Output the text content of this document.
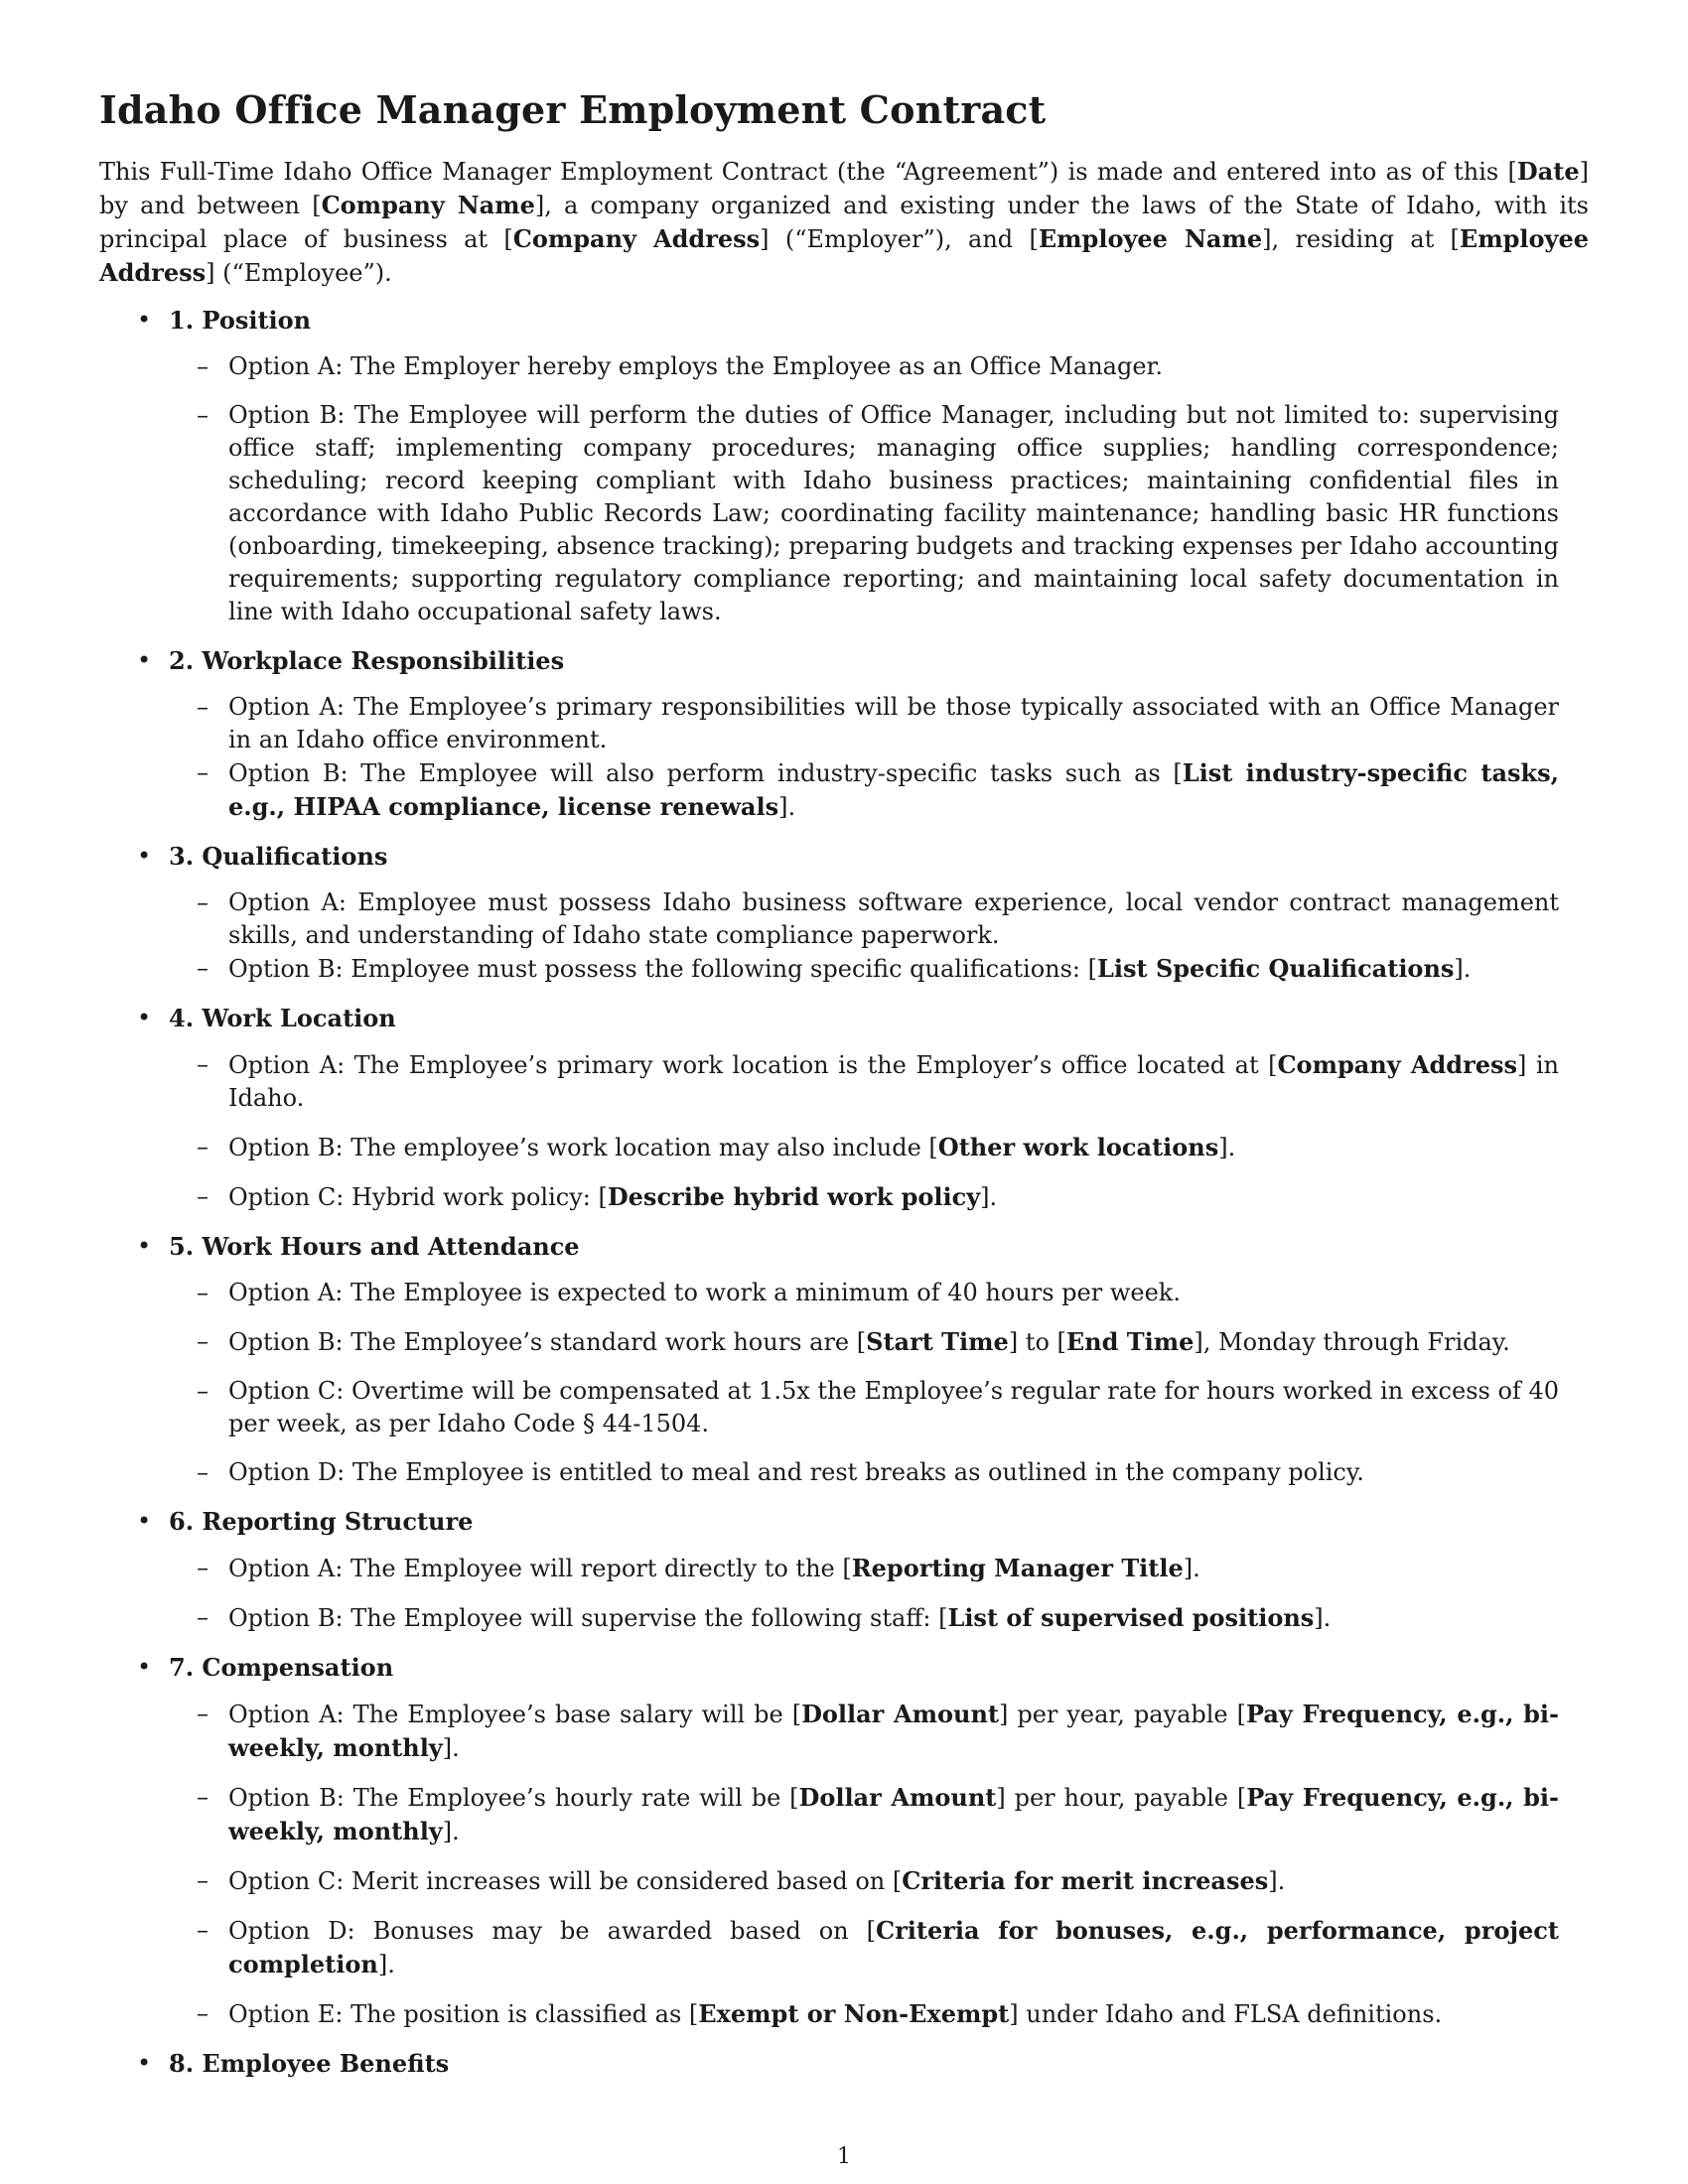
Idaho Office Manager Employment Contract

This Full-Time Idaho Office Manager Employment Contract (the “Agreement”) is made and entered into as of this [Date] by and between [Company Name], a company organized and existing under the laws of the State of Idaho, with its principal place of business at [Company Address] (“Employer”), and [Employee Name], residing at [Employee Address] (“Employee”).

• 1. Position
– Option A: The Employer hereby employs the Employee as an Office Manager.
– Option B: The Employee will perform the duties of Office Manager, including but not limited to: supervising office staff; implementing company procedures; managing office supplies; handling correspondence; scheduling; record keeping compliant with Idaho business practices; maintaining confidential files in accordance with Idaho Public Records Law; coordinating facility maintenance; handling basic HR functions (onboarding, timekeeping, absence tracking); preparing budgets and tracking expenses per Idaho accounting requirements; supporting regulatory compliance reporting; and maintaining local safety documentation in line with Idaho occupational safety laws.
• 2. Workplace Responsibilities
– Option A: The Employee’s primary responsibilities will be those typically associated with an Office Manager in an Idaho office environment.
– Option B: The Employee will also perform industry-specific tasks such as [List industry-specific tasks, e.g., HIPAA compliance, license renewals].
• 3. Qualifications
– Option A: Employee must possess Idaho business software experience, local vendor contract management skills, and understanding of Idaho state compliance paperwork.
– Option B: Employee must possess the following specific qualifications: [List Specific Qualifications].
• 4. Work Location
– Option A: The Employee’s primary work location is the Employer’s office located at [Company Address] in Idaho.
– Option B: The employee’s work location may also include [Other work locations].
– Option C: Hybrid work policy: [Describe hybrid work policy].
• 5. Work Hours and Attendance
– Option A: The Employee is expected to work a minimum of 40 hours per week.
– Option B: The Employee’s standard work hours are [Start Time] to [End Time], Monday through Friday.
– Option C: Overtime will be compensated at 1.5x the Employee’s regular rate for hours worked in excess of 40 per week, as per Idaho Code § 44-1504.
– Option D: The Employee is entitled to meal and rest breaks as outlined in the company policy.
• 6. Reporting Structure
– Option A: The Employee will report directly to the [Reporting Manager Title].
– Option B: The Employee will supervise the following staff: [List of supervised positions].
• 7. Compensation
– Option A: The Employee’s base salary will be [Dollar Amount] per year, payable [Pay Frequency, e.g., bi-weekly, monthly].
– Option B: The Employee’s hourly rate will be [Dollar Amount] per hour, payable [Pay Frequency, e.g., bi-weekly, monthly].
– Option C: Merit increases will be considered based on [Criteria for merit increases].
– Option D: Bonuses may be awarded based on [Criteria for bonuses, e.g., performance, project completion].
– Option E: The position is classified as [Exempt or Non-Exempt] under Idaho and FLSA definitions.
• 8. Employee Benefits
1
